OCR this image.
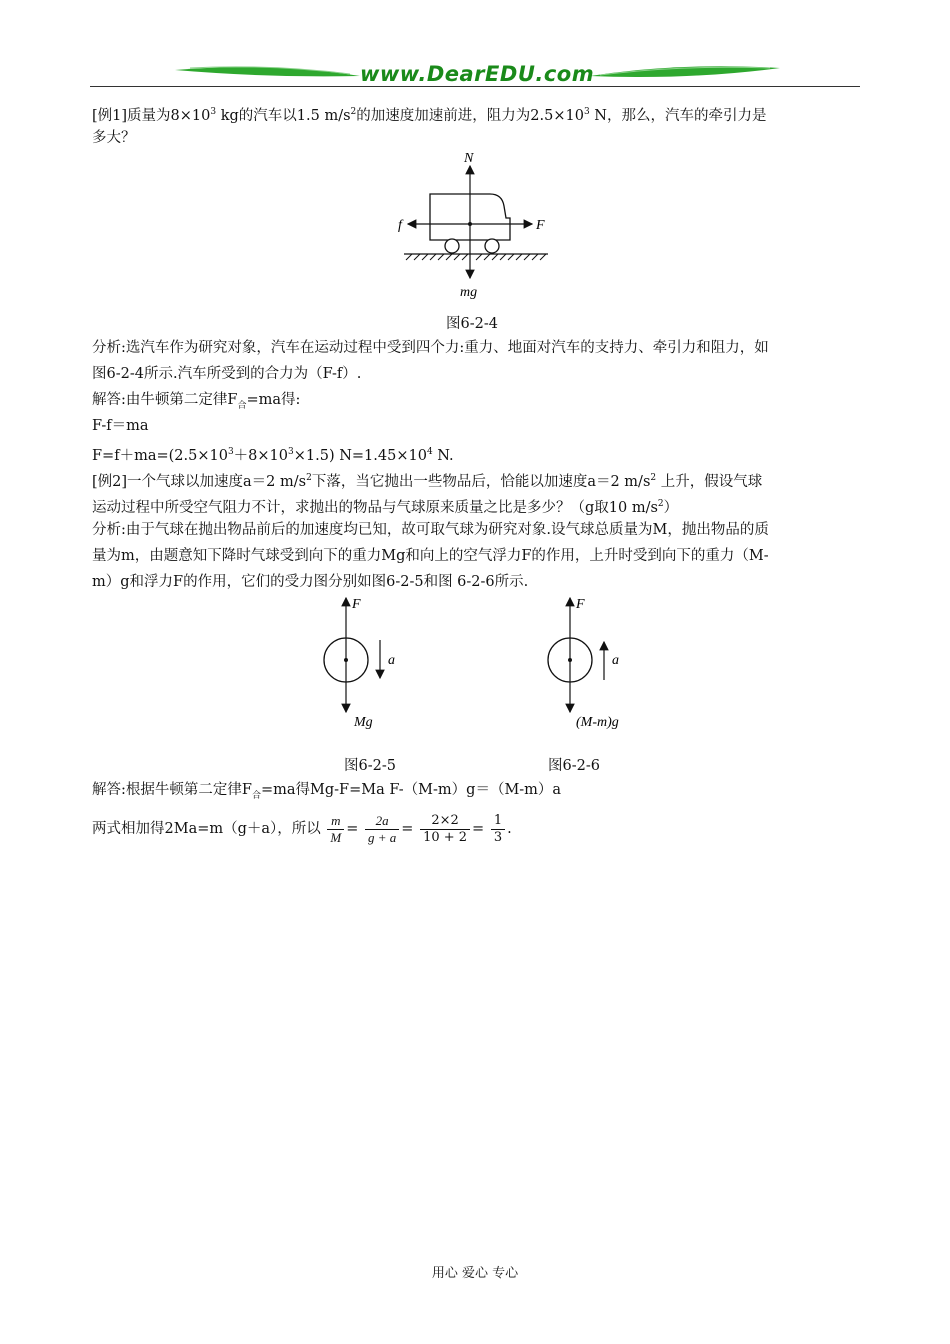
www.DearEDU.com
[例1]质量为$8\times 10^3$ kg的汽车以1.5 $m/s^2$的加速度加速前进，阻力为$2.5\times 10^3$ N，那么，汽车的牵引力是
多大？
N
f	F
mg
图6-2-4
分析:选汽车作为研究对象，汽车在运动过程中受到四个力:重力、地面对汽车的支持力、牵引力和阻力，如
图6-2-4所示.汽车所受到的合力为（F-f）.
解答:由牛顿第二定律$F_合=ma$得:
F-f＝ma
$F=f+ma=(2.5\times 10^3+8\times 10^3\times 1.5)$ $N=1.45\times 10^4$ N.
[例2]一个气球以加速度a＝2 $m/s^2$下落，当它抛出一些物品后，恰能以加速度a＝2 $m/s^2$ 上升，假设气球
运动过程中所受空气阻力不计，求抛出的物品与气球原来质量之比是多少？（g取10 $m/s^2$）
分析:由于气球在抛出物品前后的加速度均已知，故可取气球为研究对象.设气球总质量为M，抛出物品的质
量为m，由题意知下降时气球受到向下的重力Mg和向上的空气浮力F的作用，上升时受到向下的重力（M-
m）g和浮力F的作用，它们的受力图分别如图6-2-5和图 6-2-6所示.
F
a
Mg
图6-2-5
F
a
(M-m)g
图6-2-6
解答:根据牛顿第二定律$F_合=ma$得Mg-F=Ma F-（M-m）g＝（M-m）a
两式相加得2Ma=m（g＋a），所以 $\frac{m}{M} = \frac{2a}{g + a} = \frac{2\times 2}{10 + 2} = \frac{1}{3}$ .
用心 爱心 专心
